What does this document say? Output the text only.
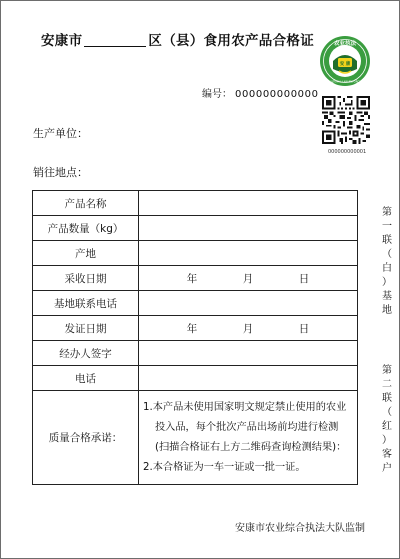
安康市	区（县）食用农产品合格证	农业执法
安 康
AGRICULTURAL LAW ENFORCEMENT
编号： 000000000000
000000000001
生产单位：
销往地点：
产品名称	
产品数量（kg）	
产地	
采收日期	年 月 日
基地联系电话	
发证日期	年 月 日
经办人签字	
电话	
质量合格承诺：	1.本产品未使用国家明文规定禁止使用的农业
投入品，每个批次产品出场前均进行检测
(扫描合格证右上方二维码查询检测结果)：
2.本合格证为一车一证或一批一证。
第
一
联
（
白
）
基
地
第
二
联
（
红
）
客
户
安康市农业综合执法大队监制
